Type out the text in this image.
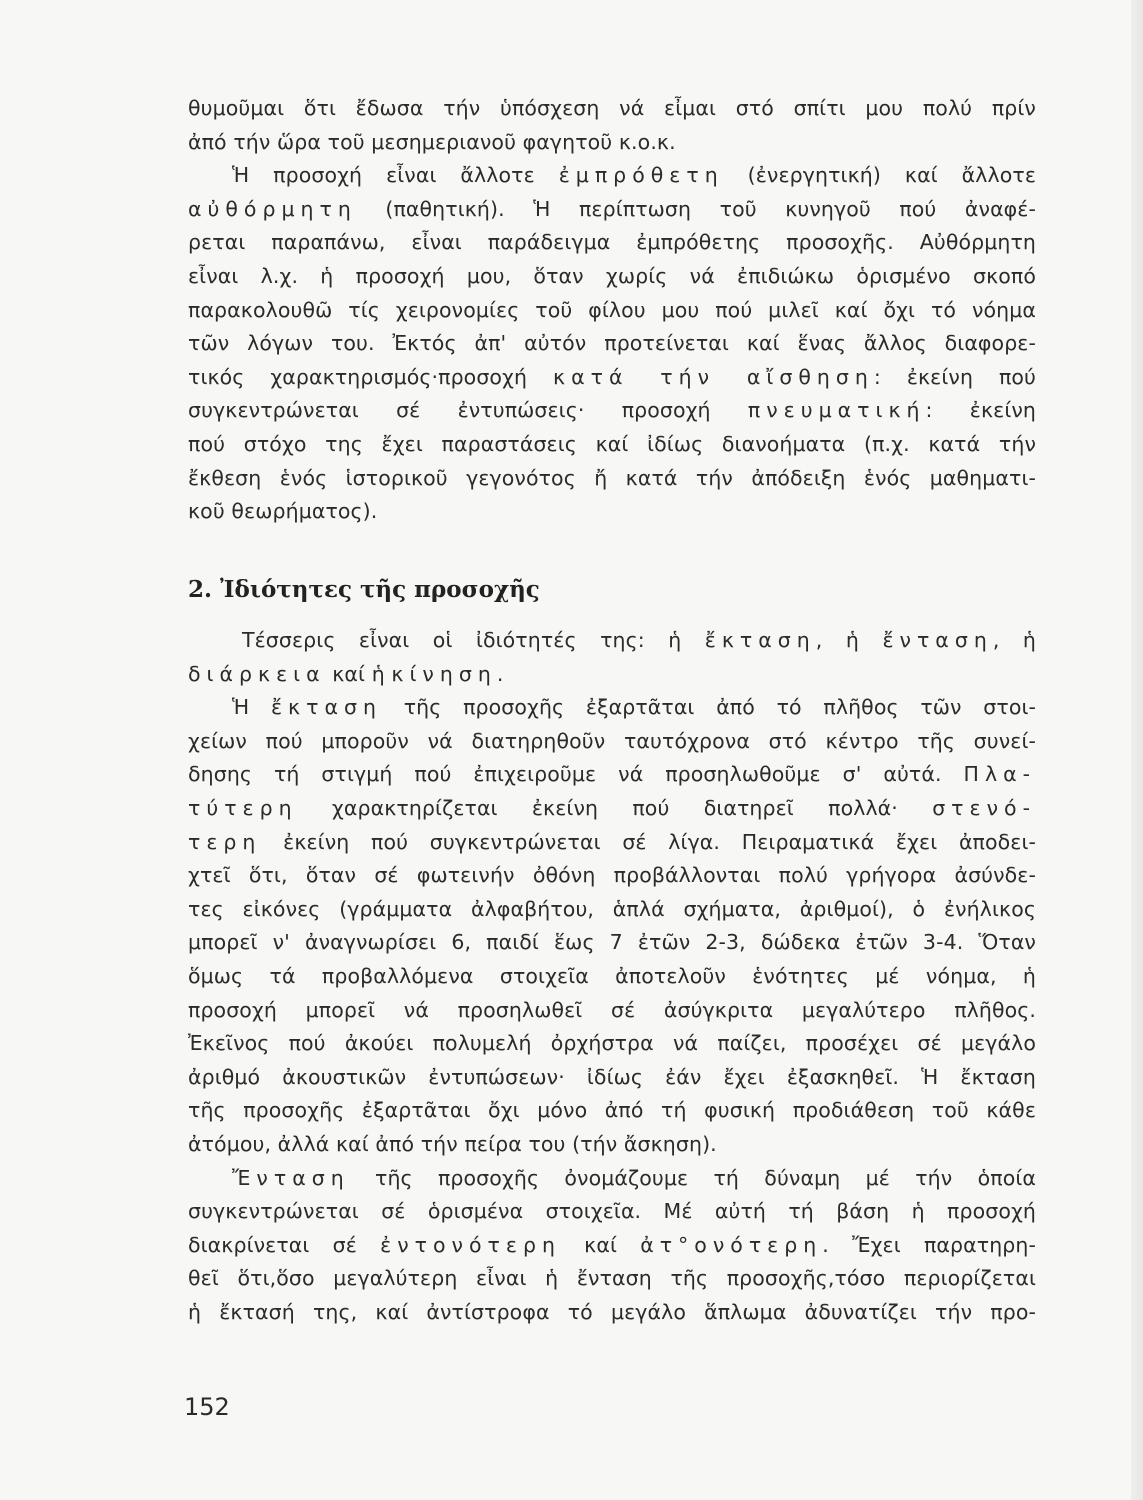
θυμοῦμαι ὅτι ἔδωσα τήν ὑπόσχεση νά εἶμαι στό σπίτι μου πολύ πρίν
ἀπό τήν ὥρα τοῦ μεσημεριανοῦ φαγητοῦ κ.ο.κ.
Ἡ προσοχή εἶναι ἄλλοτε ἐμπρόθετη (ἐνεργητική) καί ἄλλοτε
αὐθόρμητη (παθητική). Ἡ περίπτωση τοῦ κυνηγοῦ πού ἀναφέ-
ρεται παραπάνω, εἶναι παράδειγμα ἐμπρόθετης προσοχῆς. Αὐθόρμητη
εἶναι λ.χ. ἡ προσοχή μου, ὅταν χωρίς νά ἐπιδιώκω ὁρισμένο σκοπό
παρακολουθῶ τίς χειρονομίες τοῦ φίλου μου πού μιλεῖ καί ὄχι τό νόημα
τῶν λόγων του. Ἐκτός ἀπ' αὐτόν προτείνεται καί ἕνας ἄλλος διαφορε-
τικός χαρακτηρισμός·προσοχή κατά τήν αἴσθηση: ἐκείνη πού
συγκεντρώνεται σέ ἐντυπώσεις· προσοχή πνευματική: ἐκείνη
πού στόχο της ἔχει παραστάσεις καί ἰδίως διανοήματα (π.χ. κατά τήν
ἔκθεση ἑνός ἱστορικοῦ γεγονότος ἤ κατά τήν ἀπόδειξη ἑνός μαθηματι-
κοῦ θεωρήματος).
2. Ἰδιότητες τῆς προσοχῆς
Τέσσερις εἶναι οἱ ἰδιότητές της: ἡ ἔκταση, ἡ ἔνταση, ἡ
διάρκεια καί ἡ κίνηση.
Ἡ ἔκταση τῆς προσοχῆς ἐξαρτᾶται ἀπό τό πλῆθος τῶν στοι-
χείων πού μποροῦν νά διατηρηθοῦν ταυτόχρονα στό κέντρο τῆς συνεί-
δησης τή στιγμή πού ἐπιχειροῦμε νά προσηλωθοῦμε σ' αὐτά. Πλα-
τύτερη χαρακτηρίζεται ἐκείνη πού διατηρεῖ πολλά· στενό-
τερη ἐκείνη πού συγκεντρώνεται σέ λίγα. Πειραματικά ἔχει ἀποδει-
χτεῖ ὅτι, ὅταν σέ φωτεινήν ὀθόνη προβάλλονται πολύ γρήγορα ἀσύνδε-
τες εἰκόνες (γράμματα ἀλφαβήτου, ἁπλά σχήματα, ἀριθμοί), ὁ ἐνήλικος
μπορεῖ ν' ἀναγνωρίσει 6, παιδί ἕως 7 ἐτῶν 2-3, δώδεκα ἐτῶν 3-4. Ὅταν
ὅμως τά προβαλλόμενα στοιχεῖα ἀποτελοῦν ἑνότητες μέ νόημα, ἡ
προσοχή μπορεῖ νά προσηλωθεῖ σέ ἀσύγκριτα μεγαλύτερο πλῆθος.
Ἐκεῖνος πού ἀκούει πολυμελή ὀρχήστρα νά παίζει, προσέχει σέ μεγάλο
ἀριθμό ἀκουστικῶν ἐντυπώσεων· ἰδίως ἐάν ἔχει ἐξασκηθεῖ. Ἡ ἔκταση
τῆς προσοχῆς ἐξαρτᾶται ὄχι μόνο ἀπό τή φυσική προδιάθεση τοῦ κάθε
ἀτόμου, ἀλλά καί ἀπό τήν πείρα του (τήν ἄσκηση).
Ἔνταση τῆς προσοχῆς ὀνομάζουμε τή δύναμη μέ τήν ὁποία
συγκεντρώνεται σέ ὁρισμένα στοιχεῖα. Μέ αὐτή τή βάση ἡ προσοχή
διακρίνεται σέ ἐντονότερη καί ἀτ°ονότερη. Ἔχει παρατηρη-
θεῖ ὅτι,ὅσο μεγαλύτερη εἶναι ἡ ἔνταση τῆς προσοχῆς,τόσο περιορίζεται
ἡ ἔκτασή της, καί ἀντίστροφα τό μεγάλο ἅπλωμα ἀδυνατίζει τήν προ-
152
